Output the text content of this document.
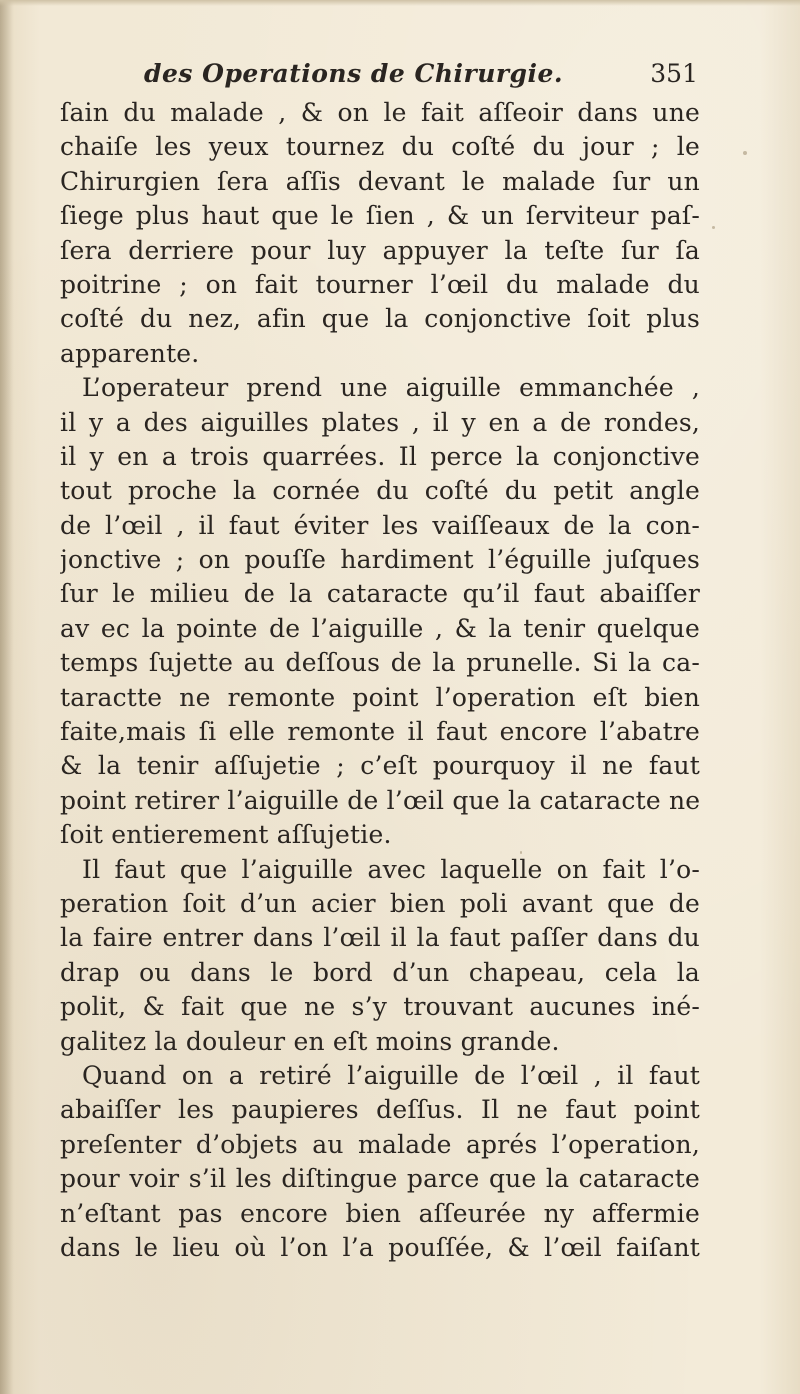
des Operations de Chirurgie.	351
ſain du malade , & on le fait aſſeoir dans une
chaiſe les yeux tournez du coſté du jour ; le
Chirurgien ſera aſſis devant le malade ſur un
ſiege plus haut que le ſien , & un ſerviteur paſ-
ſera derriere pour luy appuyer la teſte ſur ſa
poitrine ; on fait tourner l’œil du malade du
coſté du nez, afin que la conjonctive ſoit plus
apparente.
L’operateur prend une aiguille emmanchée ,
il y a des aiguilles plates , il y en a de rondes,
il y en a trois quarrées. Il perce la conjonctive
tout proche la cornée du coſté du petit angle
de l’œil , il faut éviter les vaiſſeaux de la con-
jonctive ; on pouſſe hardiment l’éguille juſques
ſur le milieu de la cataracte qu’il faut abaiſſer
av ec la pointe de l’aiguille , & la tenir quelque
temps ſujette au deſſous de la prunelle. Si la ca-
taractte ne remonte point l’operation eſt bien
faite,mais ſi elle remonte il faut encore l’abatre
& la tenir aſſujetie ; c’eſt pourquoy il ne faut
point retirer l’aiguille de l’œil que la cataracte ne
ſoit entierement aſſujetie.
Il faut que l’aiguille avec laquelle on fait l’o-
peration ſoit d’un acier bien poli avant que de
la faire entrer dans l’œil il la faut paſſer dans du
drap ou dans le bord d’un chapeau, cela la
polit, & fait que ne s’y trouvant aucunes iné-
galitez la douleur en eſt moins grande.
Quand on a retiré l’aiguille de l’œil , il faut
abaiſſer les paupieres deſſus. Il ne faut point
preſenter d’objets au malade aprés l’operation,
pour voir s’il les diſtingue parce que la cataracte
n’eſtant pas encore bien aſſeurée ny affermie
dans le lieu où l’on l’a pouſſée, & l’œil faiſant
